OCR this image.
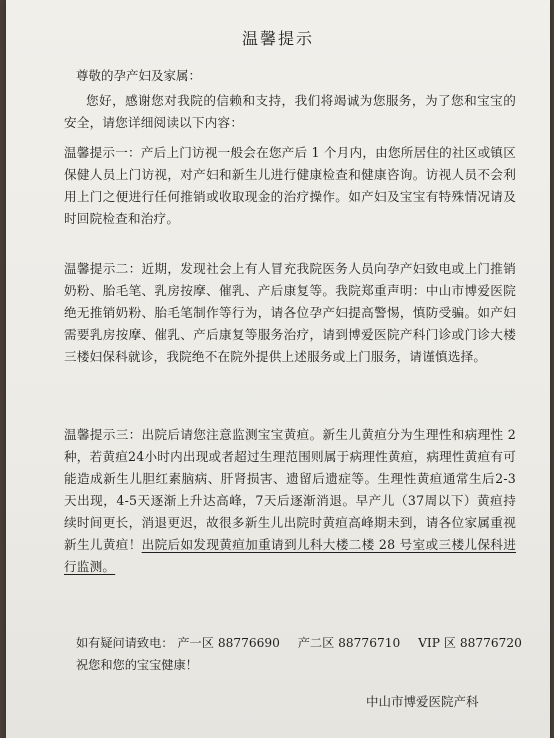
温馨提示
尊敬的孕产妇及家属：
您好，感谢您对我院的信赖和支持，我们将竭诚为您服务，为了您和宝宝的安全，请您详细阅读以下内容：
温馨提示一：产后上门访视一般会在您产后 1 个月内，由您所居住的社区或镇区保健人员上门访视，对产妇和新生儿进行健康检查和健康咨询。访视人员不会利用上门之便进行任何推销或收取现金的治疗操作。如产妇及宝宝有特殊情况请及时回院检查和治疗。
温馨提示二：近期，发现社会上有人冒充我院医务人员向孕产妇致电或上门推销奶粉、胎毛笔、乳房按摩、催乳、产后康复等。我院郑重声明：中山市博爱医院绝无推销奶粉、胎毛笔制作等行为，请各位孕产妇提高警惕，慎防受骗。如产妇需要乳房按摩、催乳、产后康复等服务治疗，请到博爱医院产科门诊或门诊大楼三楼妇保科就诊，我院绝不在院外提供上述服务或上门服务，请谨慎选择。
温馨提示三：出院后请您注意监测宝宝黄疸。新生儿黄疸分为生理性和病理性 2 种，若黄疸24小时内出现或者超过生理范围则属于病理性黄疸，病理性黄疸有可能造成新生儿胆红素脑病、肝肾损害、遗留后遗症等。生理性黄疸通常生后2-3天出现，4-5天逐渐上升达高峰，7天后逐渐消退。早产儿（37周以下）黄疸持续时间更长，消退更迟，故很多新生儿出院时黄疸高峰期未到，请各位家属重视新生儿黄疸！出院后如发现黄疸加重请到儿科大楼二楼 28 号室或三楼儿保科进行监测。
如有疑问请致电： 产一区 88776690 产二区 88776710 VIP 区 88776720
祝您和您的宝宝健康！
中山市博爱医院产科
